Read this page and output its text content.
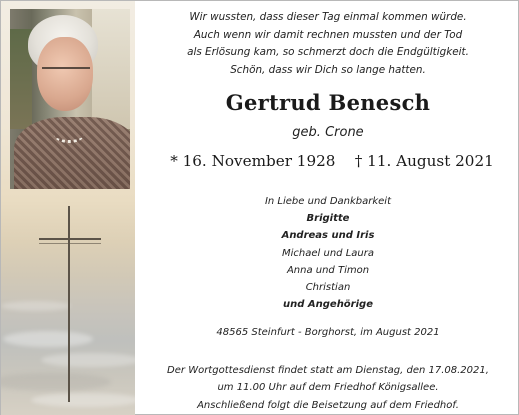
Wir wussten, dass dieser Tag einmal kommen würde.
Auch wenn wir damit rechnen mussten und der Tod
als Erlösung kam, so schmerzt doch die Endgültigkeit.
Schön, dass wir Dich so lange hatten.
Gertrud Benesch
geb. Crone
* 16. November 1928 † 11. August 2021
In Liebe und Dankbarkeit
Brigitte
Andreas und Iris
Michael und Laura
Anna und Timon
Christian
und Angehörige
48565 Steinfurt - Borghorst, im August 2021
Der Wortgottesdienst findet statt am Dienstag, den 17.08.2021,
um 11.00 Uhr auf dem Friedhof Königsallee.
Anschließend folgt die Beisetzung auf dem Friedhof.
